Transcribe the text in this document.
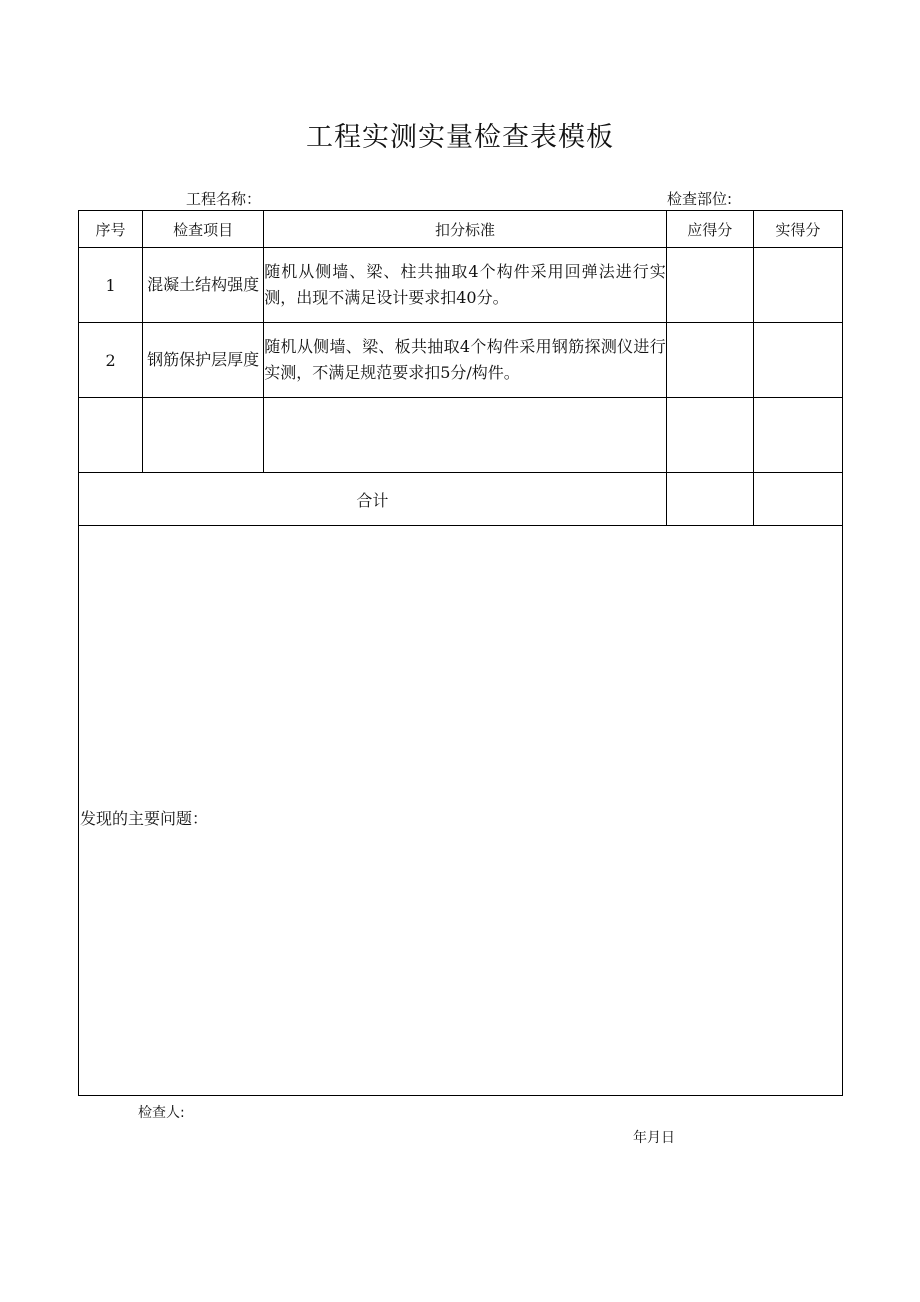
工程实测实量检查表模板
工程名称：	检查部位:
序号	检查项目	扣分标准	应得分	实得分
1	混凝土结构强度	随机从侧墙、梁、柱共抽取4个构件采用回弹法进行实测，出现不满足设计要求扣40分。		
2	钢筋保护层厚度	随机从侧墙、梁、板共抽取4个构件采用钢筋探测仪进行实测，不满足规范要求扣5分/构件。		

合计				

发现的主要问题：				
检查人:
年月日
